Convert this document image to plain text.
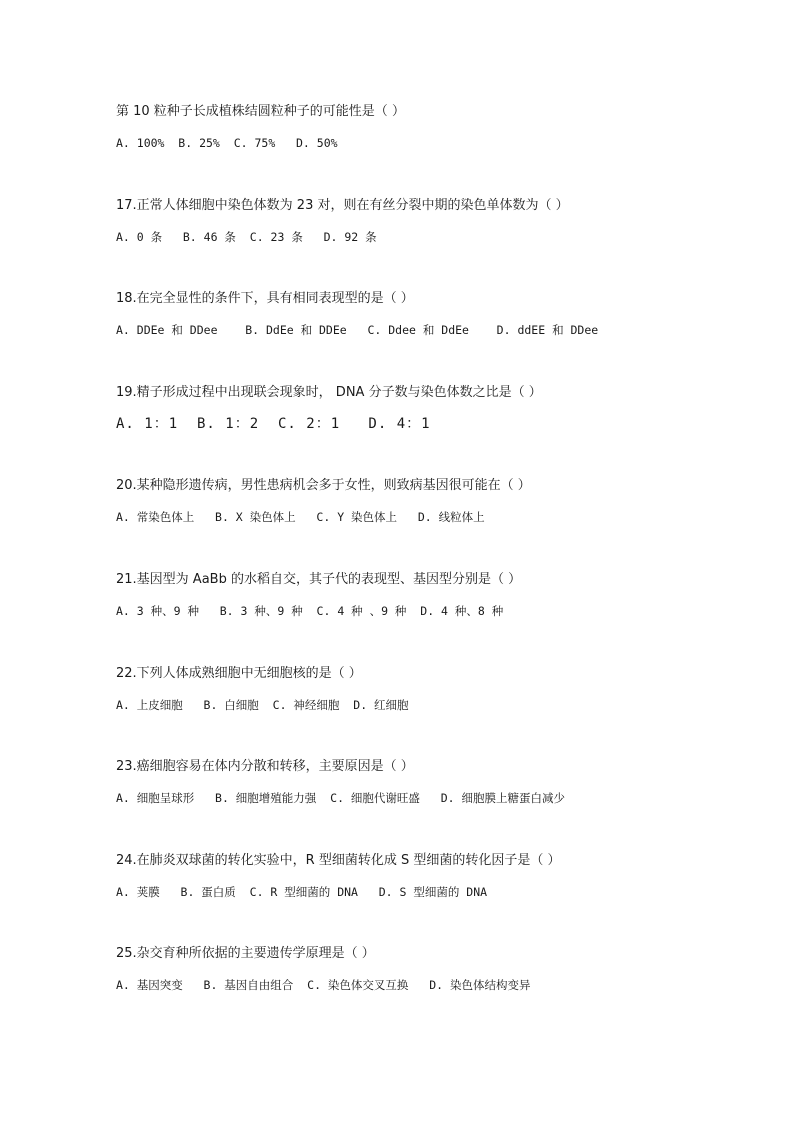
第 10 粒种子长成植株结圆粒种子的可能性是（ ）
A. 100%  B. 25%  C. 75%   D. 50%
17.正常人体细胞中染色体数为 23 对，则在有丝分裂中期的染色单体数为（ ）
A. 0 条   B. 46 条  C. 23 条   D. 92 条
18.在完全显性的条件下，具有相同表现型的是（ ）
A. DDEe 和 DDee    B. DdEe 和 DDEe   C. Ddee 和 DdEe    D. ddEE 和 DDee
19.精子形成过程中出现联会现象时， DNA 分子数与染色体数之比是（ ）
A. 1：1  B. 1：2  C. 2：1   D. 4：1
20.某种隐形遗传病，男性患病机会多于女性，则致病基因很可能在（ ）
A. 常染色体上   B. X 染色体上   C. Y 染色体上   D. 线粒体上
21.基因型为 AaBb 的水稻自交，其子代的表现型、基因型分别是（ ）
A. 3 种、9 种   B. 3 种、9 种  C. 4 种 、9 种  D. 4 种、8 种
22.下列人体成熟细胞中无细胞核的是（ ）
A. 上皮细胞   B. 白细胞  C. 神经细胞  D. 红细胞
23.癌细胞容易在体内分散和转移，主要原因是（ ）
A. 细胞呈球形   B. 细胞增殖能力强  C. 细胞代谢旺盛   D. 细胞膜上糖蛋白减少
24.在肺炎双球菌的转化实验中，R 型细菌转化成 S 型细菌的转化因子是（ ）
A. 荚膜   B. 蛋白质  C. R 型细菌的 DNA   D. S 型细菌的 DNA
25.杂交育种所依据的主要遗传学原理是（ ）
A. 基因突变   B. 基因自由组合  C. 染色体交叉互换   D. 染色体结构变异
